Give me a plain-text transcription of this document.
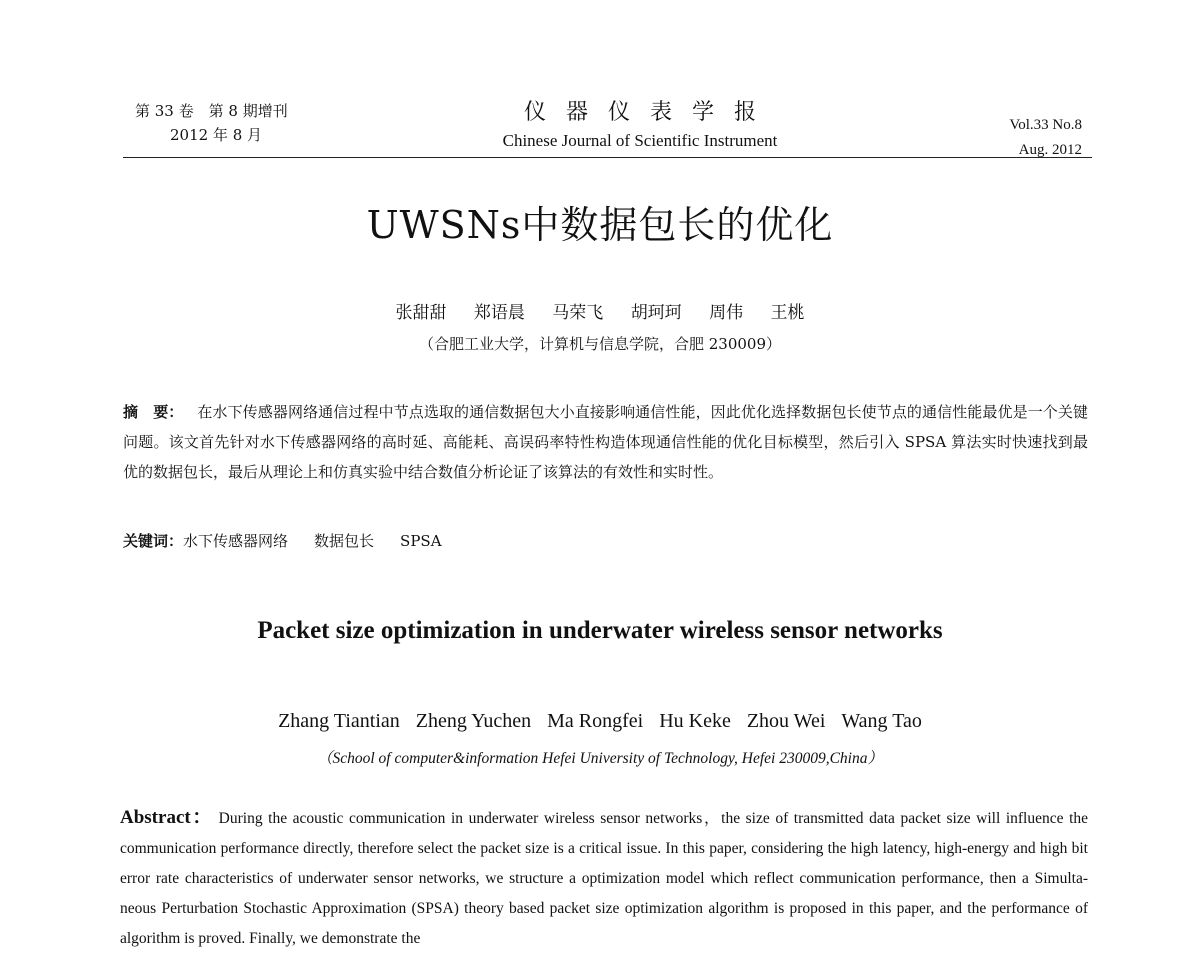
第 33 卷　第 8 期增刊
2012 年 8 月
仪器仪表学报
Chinese Journal of Scientific Instrument
Vol.33 No.8
Aug. 2012
UWSNs中数据包长的优化
张甜甜 郑语晨 马荣飞 胡珂珂 周伟 王桃
（合肥工业大学，计算机与信息学院，合肥 230009）
摘　要： 在水下传感器网络通信过程中节点选取的通信数据包大小直接影响通信性能，因此优化选择数据包长使节点的通信性能最优是一个关键问题。该文首先针对水下传感器网络的高时延、高能耗、高误码率特性构造体现通信性能的优化目标模型，然后引入 SPSA 算法实时快速找到最优的数据包长，最后从理论上和仿真实验中结合数值分析论证了该算法的有效性和实时性。
关键词：水下传感器网络 数据包长 SPSA
Packet size optimization in underwater wireless sensor networks
Zhang Tiantian Zheng Yuchen Ma Rongfei Hu Keke Zhou Wei Wang Tao
（School of computer&information Hefei University of Technology, Hefei 230009,China）
Abstract： During the acoustic communication in underwater wireless sensor networks，the size of transmitted data packet size will influence the communication performance directly, therefore select the packet size is a critical issue. In this paper, considering the high latency, high-energy and high bit error rate characteristics of underwater sensor networks, we structure a optimization model which reflect communication performance, then a Simulta- neous Perturbation Stochastic Approximation (SPSA) theory based packet size optimization algorithm is proposed in this paper, and the performance of algorithm is proved. Finally, we demonstrate the
